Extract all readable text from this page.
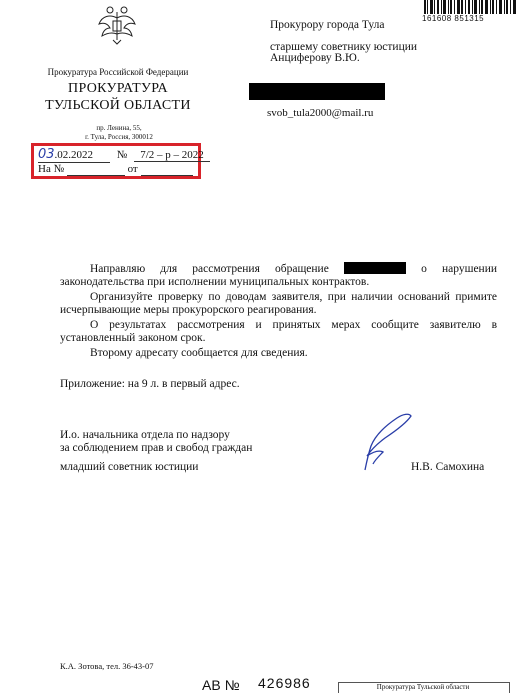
161608 851315
Прокуратура Российской Федерации
ПРОКУРАТУРА
ТУЛЬСКОЙ ОБЛАСТИ
пр. Ленина, 55,
г. Тула, Россия, 300012
03.02.2022 № 7/2 – р – 2022
На №	от
Прокурору города Тула
старшему советнику юстиции
Анциферову В.Ю.
svob_tula2000@mail.ru

Направляю для рассмотрения обращение	о нарушении законодательства при исполнении муниципальных контрактов.

Организуйте проверку по доводам заявителя, при наличии оснований примите исчерпывающие меры прокурорского реагирования.

О результатах рассмотрения и принятых мерах сообщите заявителю в установленный законом срок.

Второму адресату сообщается для сведения.

Приложение: на 9 л. в первый адрес.
И.о. начальника отдела по надзору
за соблюдением прав и свобод граждан
младший советник юстиции	Н.В. Самохина
К.А. Зотова, тел. 36-43-07
АВ № 426986	Прокуратура Тульской области
